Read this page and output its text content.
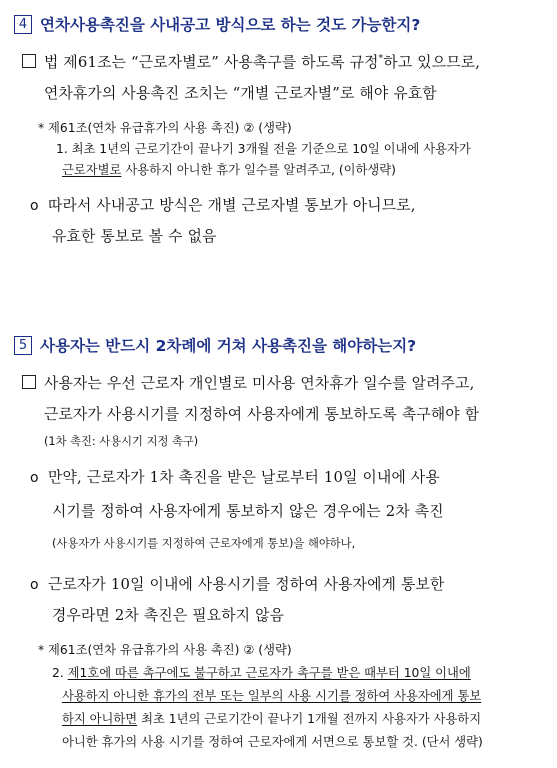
4 연차사용촉진을 사내공고 방식으로 하는 것도 가능한지?
법 제61조는 “근로자별로” 사용촉구를 하도록 규정*하고 있으므로,
연차휴가의 사용촉진 조치는 “개별 근로자별”로 해야 유효함
* 제61조(연차 유급휴가의 사용 촉진) ② (생략)
1. 최초 1년의 근로기간이 끝나기 3개월 전을 기준으로 10일 이내에 사용자가
근로자별로 사용하지 아니한 휴가 일수를 알려주고, (이하생략)
o 따라서 사내공고 방식은 개별 근로자별 통보가 아니므로,
유효한 통보로 볼 수 없음
5 사용자는 반드시 2차례에 거쳐 사용촉진을 해야하는지?
사용자는 우선 근로자 개인별로 미사용 연차휴가 일수를 알려주고,
근로자가 사용시기를 지정하여 사용자에게 통보하도록 촉구해야 함
(1차 촉진: 사용시기 지정 촉구)
o 만약, 근로자가 1차 촉진을 받은 날로부터 10일 이내에 사용
시기를 정하여 사용자에게 통보하지 않은 경우에는 2차 촉진
(사용자가 사용시기를 지정하여 근로자에게 통보)을 해야하나,
o 근로자가 10일 이내에 사용시기를 정하여 사용자에게 통보한
경우라면 2차 촉진은 필요하지 않음
* 제61조(연차 유급휴가의 사용 촉진) ② (생략)
2. 제1호에 따른 촉구에도 불구하고 근로자가 촉구를 받은 때부터 10일 이내에
사용하지 아니한 휴가의 전부 또는 일부의 사용 시기를 정하여 사용자에게 통보
하지 아니하면 최초 1년의 근로기간이 끝나기 1개월 전까지 사용자가 사용하지
아니한 휴가의 사용 시기를 정하여 근로자에게 서면으로 통보할 것. (단서 생략)
